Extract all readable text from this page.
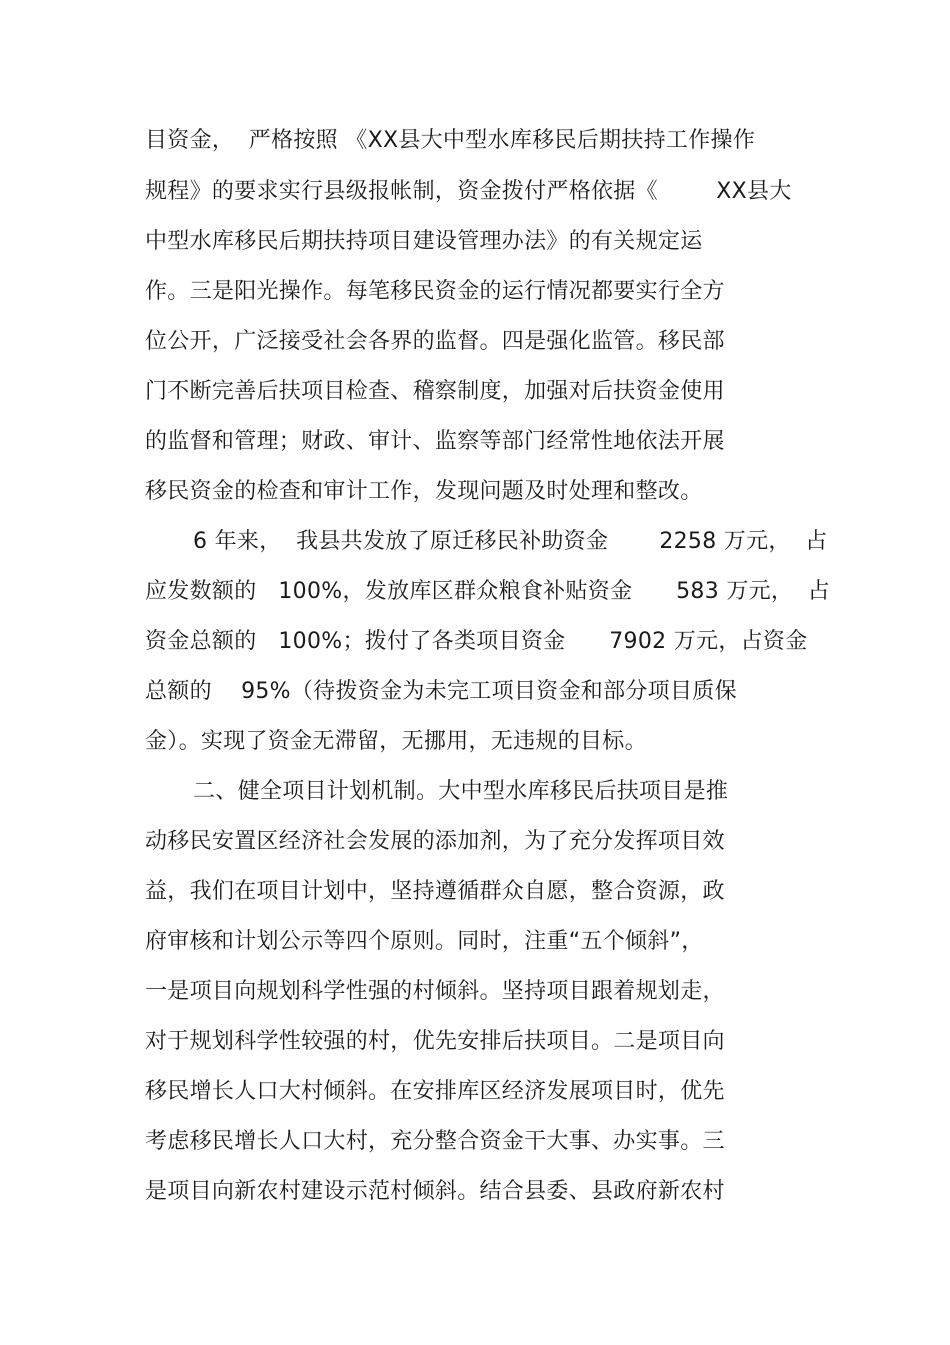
目资金，  严格按照 《XX县大中型水库移民后期扶持工作操作
规程》的要求实行县级报帐制，资金拨付严格依据《        XX县大
中型水库移民后期扶持项目建设管理办法》的有关规定运
作。三是阳光操作。每笔移民资金的运行情况都要实行全方
位公开，广泛接受社会各界的监督。四是强化监管。移民部
门不断完善后扶项目检查、稽察制度，加强对后扶资金使用
的监督和管理；财政、审计、监察等部门经常性地依法开展
移民资金的检查和审计工作，发现问题及时处理和整改。
6 年来，  我县共发放了原迁移民补助资金       2258 万元，  占
应发数额的   100%，发放库区群众粮食补贴资金      583 万元，  占
资金总额的   100%；拨付了各类项目资金      7902 万元，占资金
总额的    95%（待拨资金为未完工项目资金和部分项目质保
金）。实现了资金无滞留，无挪用，无违规的目标。
二、健全项目计划机制。大中型水库移民后扶项目是推
动移民安置区经济社会发展的添加剂，为了充分发挥项目效
益，我们在项目计划中，坚持遵循群众自愿，整合资源，政
府审核和计划公示等四个原则。同时，注重“五个倾斜”，
一是项目向规划科学性强的村倾斜。坚持项目跟着规划走，
对于规划科学性较强的村，优先安排后扶项目。二是项目向
移民增长人口大村倾斜。在安排库区经济发展项目时，优先
考虑移民增长人口大村，充分整合资金干大事、办实事。三
是项目向新农村建设示范村倾斜。结合县委、县政府新农村
